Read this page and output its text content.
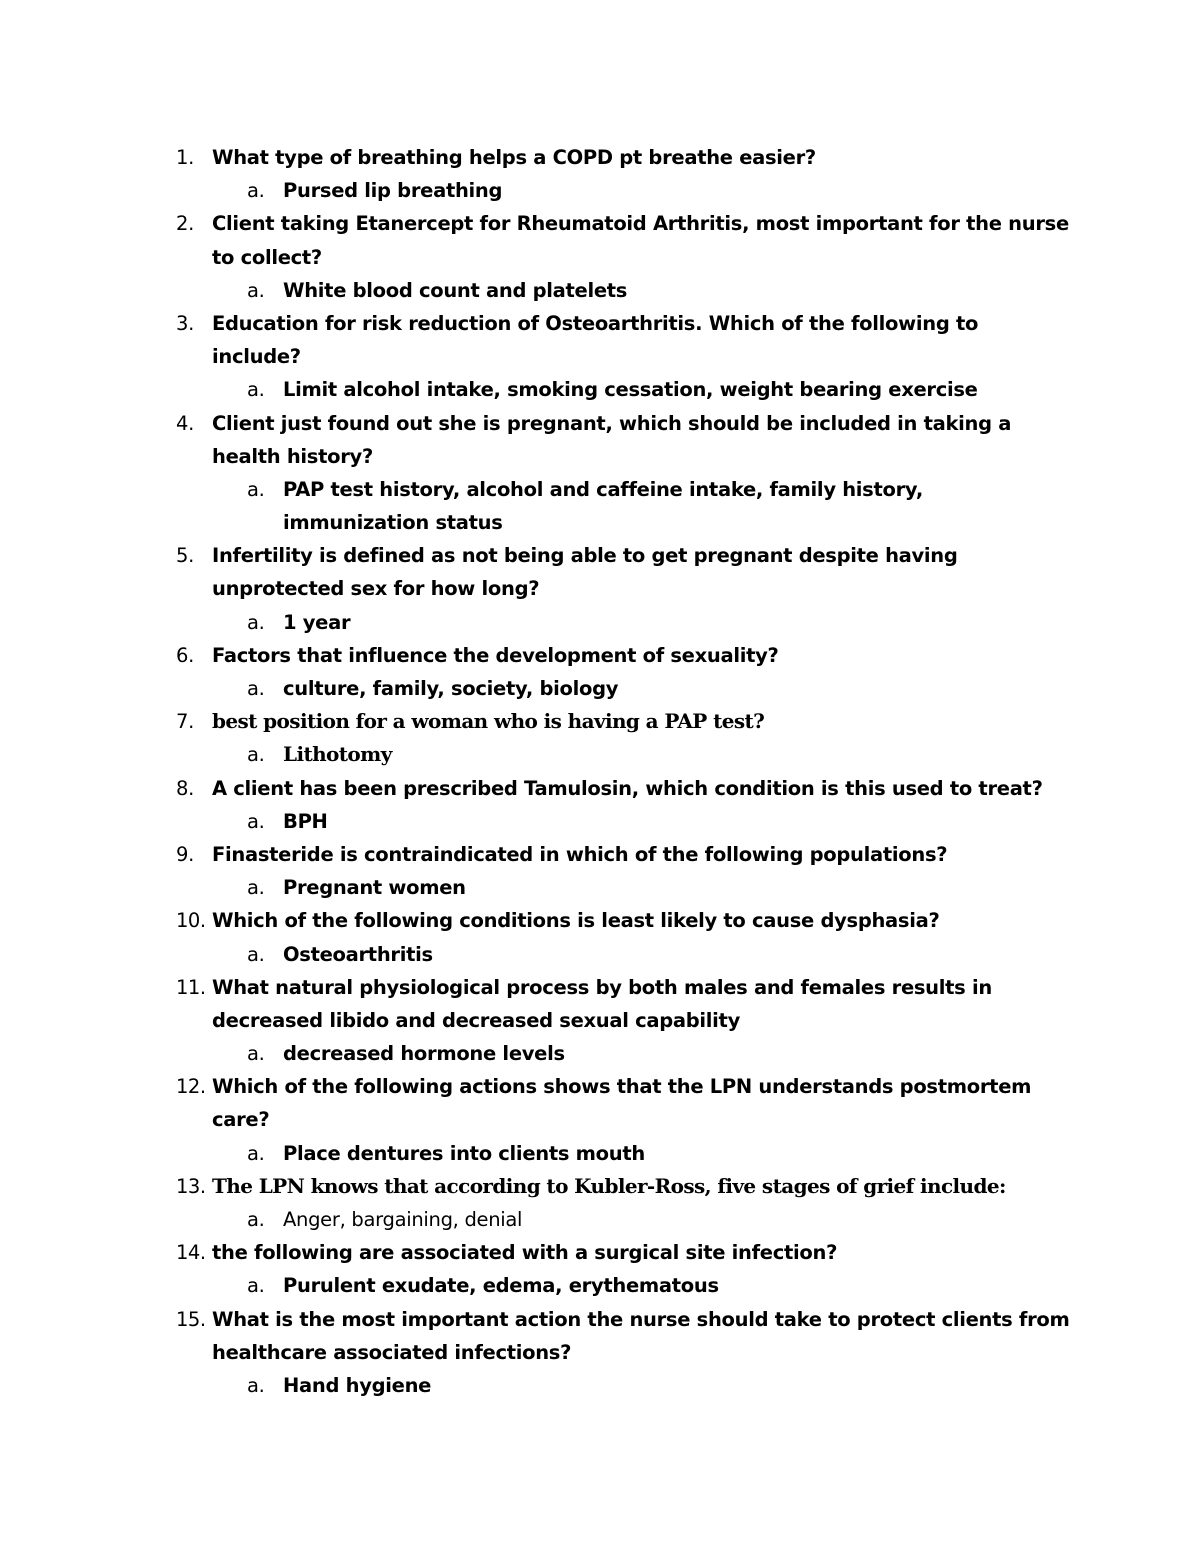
1. What type of breathing helps a COPD pt breathe easier?
a. Pursed lip breathing
2. Client taking Etanercept for Rheumatoid Arthritis, most important for the nurse
to collect?
a. White blood count and platelets
3. Education for risk reduction of Osteoarthritis. Which of the following to
include?
a. Limit alcohol intake, smoking cessation, weight bearing exercise
4. Client just found out she is pregnant, which should be included in taking a
health history?
a. PAP test history, alcohol and caffeine intake, family history,
immunization status
5. Infertility is defined as not being able to get pregnant despite having
unprotected sex for how long?
a. 1 year
6. Factors that influence the development of sexuality?
a. culture, family, society, biology
7. best position for a woman who is having a PAP test?
a. Lithotomy
8. A client has been prescribed Tamulosin, which condition is this used to treat?
a. BPH
9. Finasteride is contraindicated in which of the following populations?
a. Pregnant women
10. Which of the following conditions is least likely to cause dysphasia?
a. Osteoarthritis
11. What natural physiological process by both males and females results in
decreased libido and decreased sexual capability
a. decreased hormone levels
12. Which of the following actions shows that the LPN understands postmortem
care?
a. Place dentures into clients mouth
13. The LPN knows that according to Kubler-Ross, five stages of grief include:
a. Anger, bargaining, denial
14. the following are associated with a surgical site infection?
a. Purulent exudate, edema, erythematous
15. What is the most important action the nurse should take to protect clients from
healthcare associated infections?
a. Hand hygiene
